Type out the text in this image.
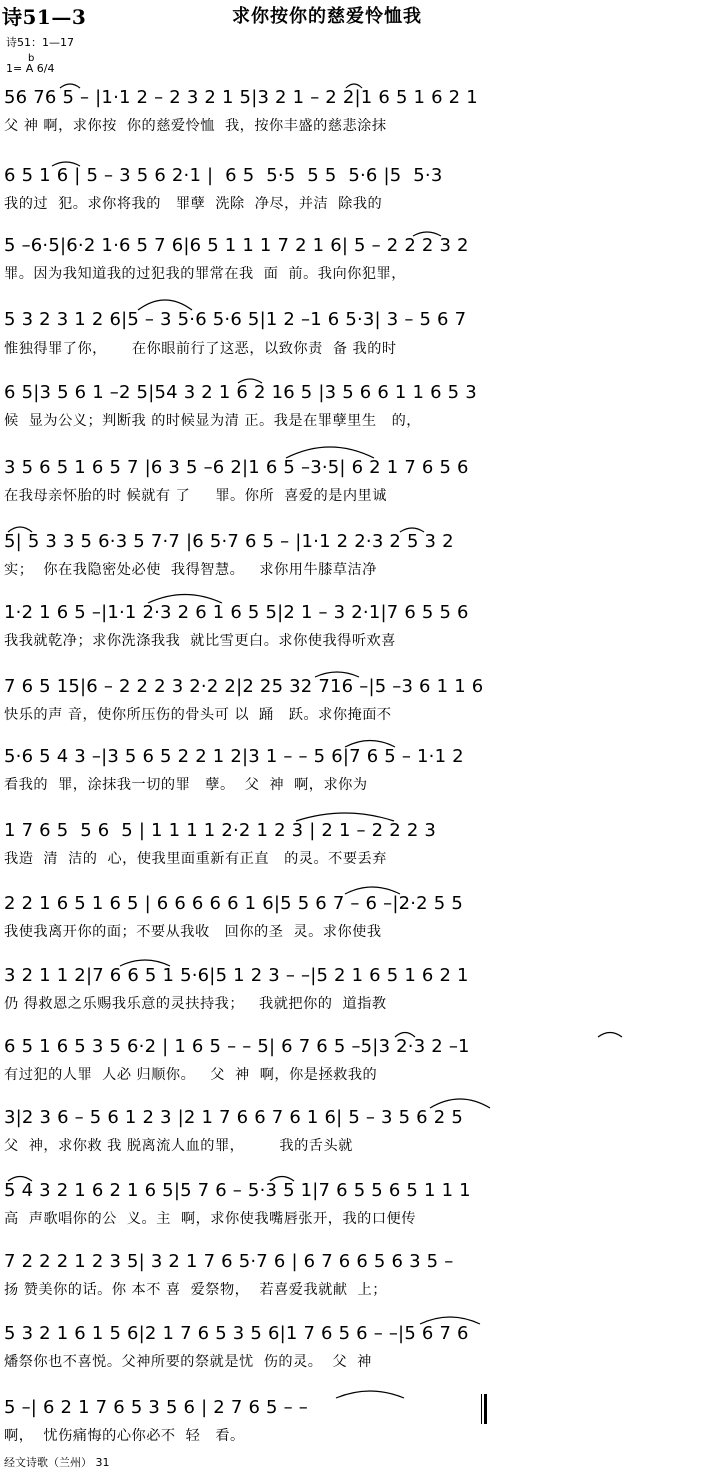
诗51—3	求你按你的慈爱怜恤我
诗51：1—17
b
1= A 6/4
56 76 5 – |1·1 2 – 2 3 2 1 5|3 2 1 – 2 2|1 6 5 1 6 2 1
父 神 啊，求你按  你的慈爱怜恤  我，按你丰盛的慈悲涂抹
6 5 1 6 | 5 – 3 5 6 2·1 |  6 5  5·5  5 5  5·6 |5  5·3
我的过  犯。求你将我的   罪孽  洗除  净尽，并洁  除我的
5 –6·5|6·2 1·6 5 7 6|6 5 1 1 1 7 2 1 6| 5 – 2 2 2 3 2
罪。因为我知道我的过犯我的罪常在我  面  前。我向你犯罪，
5 3 2 3 1 2 6|5 – 3 5·6 5·6 5|1 2 –1 6 5·3| 3 – 5 6 7
惟独得罪了你，     在你眼前行了这恶，以致你责  备 我的时
6 5|3 5 6 1 –2 5|54 3 2 1 6 2 16 5 |3 5 6 6 1 1 6 5 3
候  显为公义；判断我 的时候显为清 正。我是在罪孽里生   的，
3 5 6 5 1 6 5 7 |6 3 5 –6 2|1 6 5 –3·5| 6 2 1 7 6 5 6
在我母亲怀胎的时 候就有 了     罪。你所  喜爱的是内里诚
5| 5 3 3 5 6·3 5 7·7 |6 5·7 6 5 – |1·1 2 2·3 2 5 3 2
实；  你在我隐密处必使  我得智慧。   求你用牛膝草洁净
1·2 1 6 5 –|1·1 2·3 2 6 1 6 5 5|2 1 – 3 2·1|7 6 5 5 6
我我就乾净；求你洗涤我我  就比雪更白。求你使我得听欢喜
7 6 5 15|6 – 2 2 2 3 2·2 2|2 25 32 716 –|5 –3 6 1 1 6
快乐的声 音，使你所压伤的骨头可 以  踊   跃。求你掩面不
5·6 5 4 3 –|3 5 6 5 2 2 1 2|3 1 – – 5 6|7 6 5 – 1·1 2
看我的  罪，涂抹我一切的罪   孽。  父  神  啊，求你为
1 7 6 5  5 6  5 | 1 1 1 1 2·2 1 2 3 | 2 1 – 2 2 2 3
我造  清  洁的  心，使我里面重新有正直   的灵。不要丢弃
2 2 1 6 5 1 6 5 | 6 6 6 6 6 1 6|5 5 6 7 – 6 –|2·2 5 5
我使我离开你的面；不要从我收   回你的圣  灵。求你使我
3 2 1 1 2|7 6 6 5 1 5·6|5 1 2 3 – –|5 2 1 6 5 1 6 2 1
仍 得救恩之乐赐我乐意的灵扶持我；   我就把你的  道指教
6 5 1 6 5 3 5 6·2 | 1 6 5 – – 5| 6 7 6 5 –5|3 2·3 2 –1
有过犯的人罪  人必 归顺你。   父  神  啊，你是拯救我的
3|2 3 6 – 5 6 1 2 3 |2 1 7 6 6 7 6 1 6| 5 – 3 5 6 2 5
父  神，求你救 我 脱离流人血的罪，       我的舌头就
5 4 3 2 1 6 2 1 6 5|5 7 6 – 5·3 5 1|7 6 5 5 6 5 1 1 1
高  声歌唱你的公  义。主  啊，求你使我嘴唇张开，我的口便传
7 2 2 2 1 2 3 5| 3 2 1 7 6 5·7 6 | 6 7 6 6 5 6 3 5 –
扬 赞美你的话。你 本不 喜  爱祭物，  若喜爱我就献  上；
5 3 2 1 6 1 5 6|2 1 7 6 5 3 5 6|1 7 6 5 6 – –|5 6 7 6
燔祭你也不喜悦。父神所要的祭就是忧  伤的灵。  父  神
5 –| 6 2 1 7 6 5 3 5 6 | 2 7 6 5 – –
啊，  忧伤痛悔的心你必不  轻   看。
经文诗歌（兰州） 31
